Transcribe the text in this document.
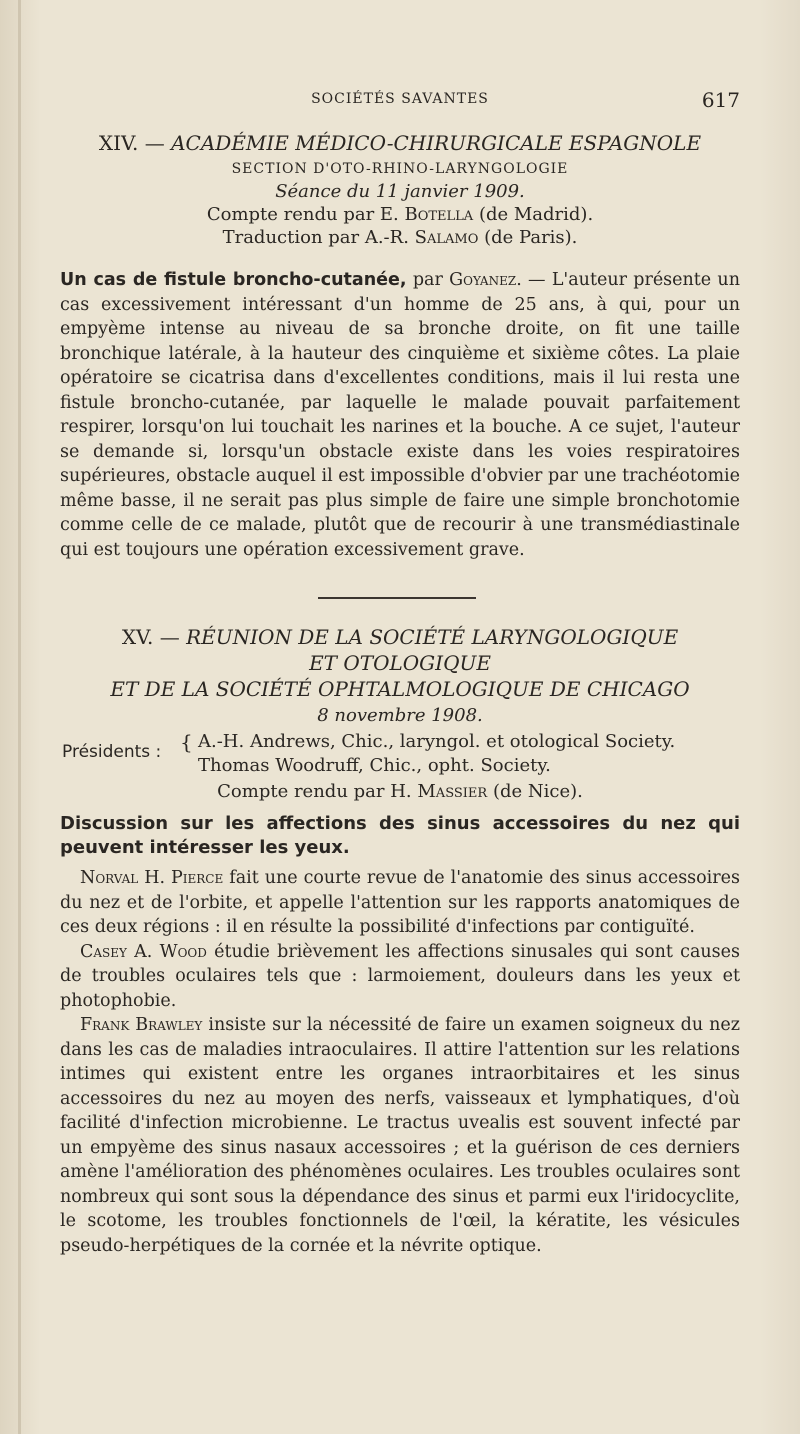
SOCIÉTÉS SAVANTES	617
XIV. — ACADÉMIE MÉDICO-CHIRURGICALE ESPAGNOLE
SECTION D'OTO-RHINO-LARYNGOLOGIE
Séance du 11 janvier 1909.
Compte rendu par E. Botella (de Madrid).
Traduction par A.-R. Salamo (de Paris).

Un cas de fistule broncho-cutanée, par Goyanez. — L'auteur présente un cas excessivement intéressant d'un homme de 25 ans, à qui, pour un empyème intense au niveau de sa bronche droite, on fit une taille bronchique latérale, à la hauteur des cinquième et sixième côtes. La plaie opératoire se cicatrisa dans d'excellentes conditions, mais il lui resta une fistule broncho-cutanée, par laquelle le malade pouvait parfaitement respirer, lorsqu'on lui touchait les narines et la bouche. A ce sujet, l'auteur se demande si, lorsqu'un obstacle existe dans les voies respiratoires supérieures, obstacle auquel il est impossible d'obvier par une trachéotomie même basse, il ne serait pas plus simple de faire une simple bronchotomie comme celle de ce malade, plutôt que de recourir à une transmédiastinale qui est toujours une opération excessivement grave.

XV. — RÉUNION DE LA SOCIÉTÉ LARYNGOLOGIQUE
ET OTOLOGIQUE
ET DE LA SOCIÉTÉ OPHTALMOLOGIQUE DE CHICAGO
8 novembre 1908.
Présidents : { A.-H. Andrews, Chic., laryngol. et otological Society.
Thomas Woodruff, Chic., opht. Society.
Compte rendu par H. Massier (de Nice).

Discussion sur les affections des sinus accessoires du nez qui peuvent intéresser les yeux.

Norval H. Pierce fait une courte revue de l'anatomie des sinus accessoires du nez et de l'orbite, et appelle l'attention sur les rapports anatomiques de ces deux régions : il en résulte la possibilité d'infections par contiguïté.

Casey A. Wood étudie brièvement les affections sinusales qui sont causes de troubles oculaires tels que : larmoiement, douleurs dans les yeux et photophobie.

Frank Brawley insiste sur la nécessité de faire un examen soigneux du nez dans les cas de maladies intraoculaires. Il attire l'attention sur les relations intimes qui existent entre les organes intraorbitaires et les sinus accessoires du nez au moyen des nerfs, vaisseaux et lymphatiques, d'où facilité d'infection microbienne. Le tractus uvealis est souvent infecté par un empyème des sinus nasaux accessoires ; et la guérison de ces derniers amène l'amélioration des phénomènes oculaires. Les troubles oculaires sont nombreux qui sont sous la dépendance des sinus et parmi eux l'iridocyclite, le scotome, les troubles fonctionnels de l'œil, la kératite, les vésicules pseudo-herpétiques de la cornée et la névrite optique.
